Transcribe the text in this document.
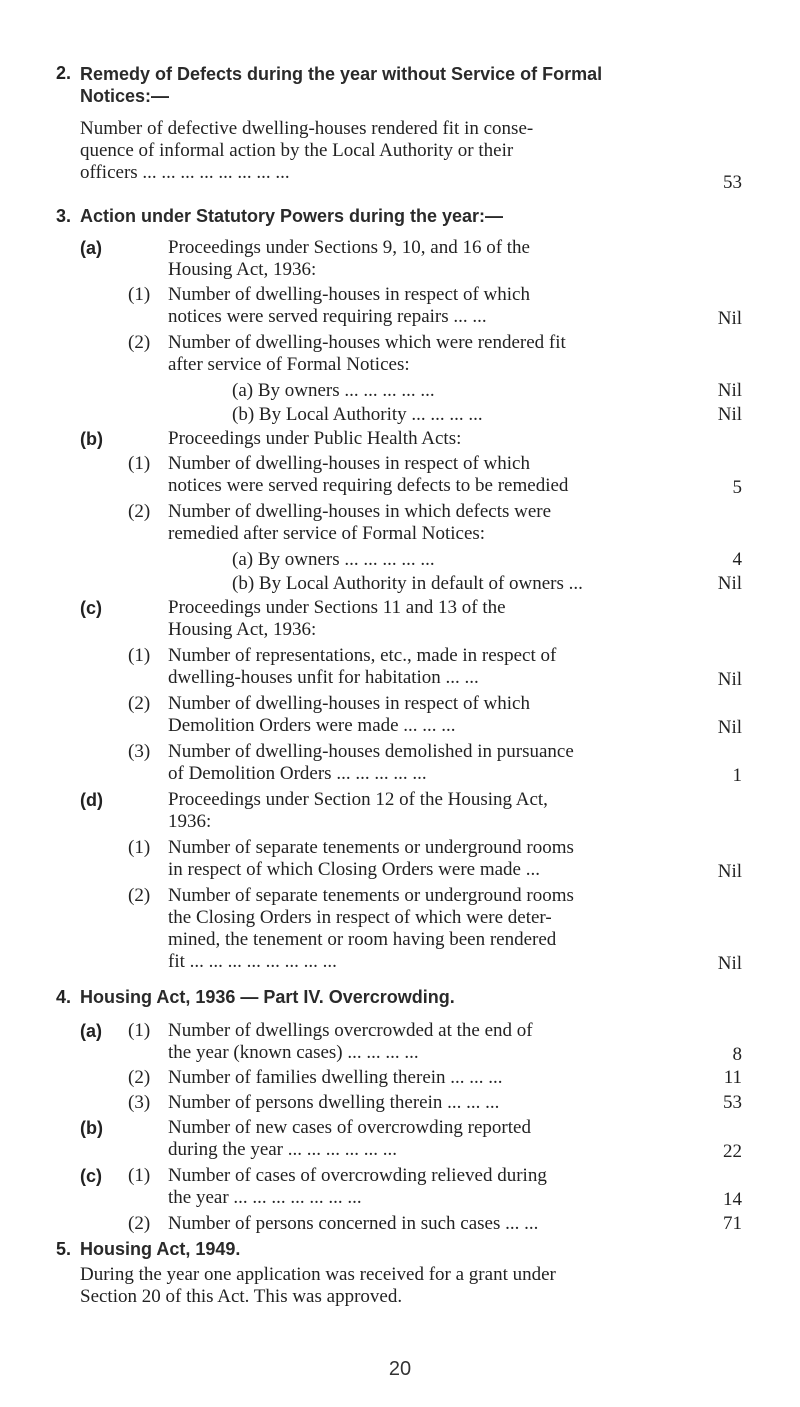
2. Remedy of Defects during the year without Service of Formal
Notices:—
Number of defective dwelling-houses rendered fit in conse-
quence of informal action by the Local Authority or their
officers ... ... ... ... ... ... ... ...	53
3. Action under Statutory Powers during the year:—
(a)	Proceedings under Sections 9, 10, and 16 of the
Housing Act, 1936:
(1) Number of dwelling-houses in respect of which
notices were served requiring repairs ... ...	Nil
(2) Number of dwelling-houses which were rendered fit
after service of Formal Notices:
(a) By owners ... ... ... ... ...	Nil
(b) By Local Authority ... ... ... ...	Nil
(b)	Proceedings under Public Health Acts:
(1) Number of dwelling-houses in respect of which
notices were served requiring defects to be remedied	5
(2) Number of dwelling-houses in which defects were
remedied after service of Formal Notices:
(a) By owners ... ... ... ... ...	4
(b) By Local Authority in default of owners ...	Nil
(c)	Proceedings under Sections 11 and 13 of the
Housing Act, 1936:
(1) Number of representations, etc., made in respect of
dwelling-houses unfit for habitation ... ...	Nil
(2) Number of dwelling-houses in respect of which
Demolition Orders were made ... ... ...	Nil
(3) Number of dwelling-houses demolished in pursuance
of Demolition Orders ... ... ... ... ...	1
(d)	Proceedings under Section 12 of the Housing Act,
1936:
(1) Number of separate tenements or underground rooms
in respect of which Closing Orders were made ...	Nil
(2) Number of separate tenements or underground rooms
the Closing Orders in respect of which were deter-
mined, the tenement or room having been rendered
fit ... ... ... ... ... ... ... ...	Nil
4. Housing Act, 1936 — Part IV. Overcrowding.
(a) (1) Number of dwellings overcrowded at the end of
the year (known cases) ... ... ... ...	8
(2) Number of families dwelling therein ... ... ...	11
(3) Number of persons dwelling therein ... ... ...	53
(b)	Number of new cases of overcrowding reported
during the year ... ... ... ... ... ...	22
(c) (1) Number of cases of overcrowding relieved during
the year ... ... ... ... ... ... ...	14
(2) Number of persons concerned in such cases ... ...	71
5. Housing Act, 1949.
During the year one application was received for a grant under
Section 20 of this Act. This was approved.
20
